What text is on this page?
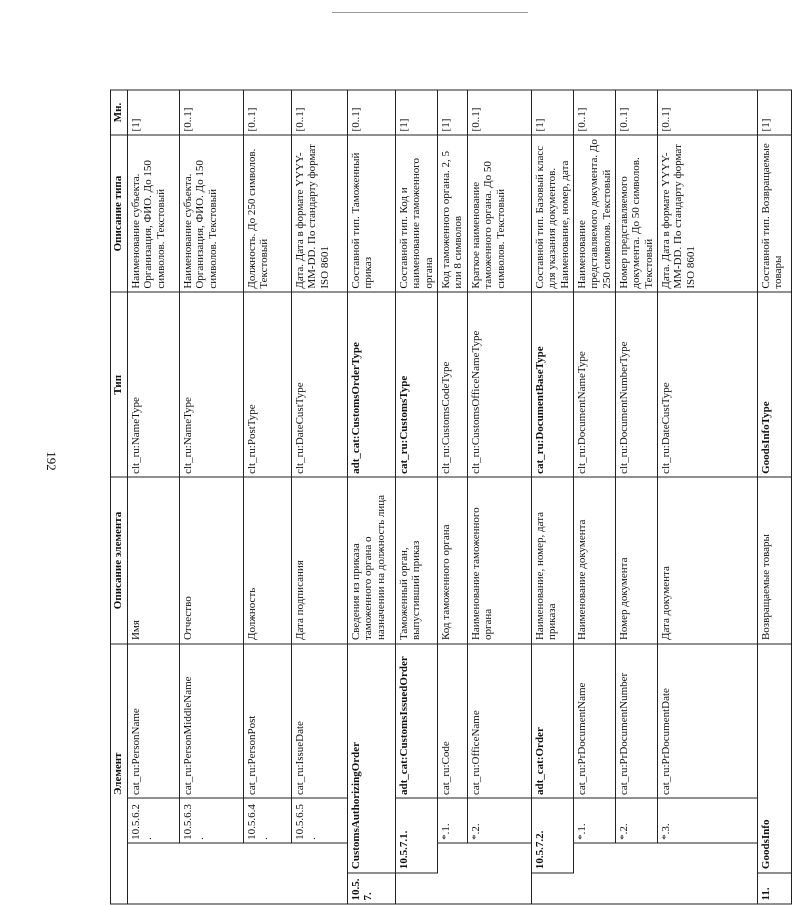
192
Элемент				Описание элемента	Тип	Описание типа	Мн.
		10.5.6.2.	cat_ru:PersonName	Имя	clt_ru:NameType	Наименование субъекта. Организация, ФИО. До 150 символов. Текстовый	[1]
		10.5.6.3.	cat_ru:PersonMiddleName	Отчество	clt_ru:NameType	Наименование субъекта. Организация, ФИО. До 150 символов. Текстовый	[0..1]
		10.5.6.4.	cat_ru:PersonPost	Должность	clt_ru:PostType	Должность. До 250 символов. Текстовый	[0..1]
		10.5.6.5.	cat_ru:IssueDate	Дата подписания	clt_ru:DateCustType	Дата. Дата в формате YYYY-MM-DD. По стандарту формат ISO 8601	[0..1]
10.5.7.	CustomsAuthorizingOrder			Сведения из приказа таможенного органа о назначении на должность лица	adt_cat:CustomsOrderType	Составной тип. Таможенный приказ	[0..1]
	10.5.7.1.		adt_cat:CustomsIssuedOrder	Таможенный орган, выпустивший приказ	cat_ru:CustomsType	Составной тип. Код и наименование таможенного органа	[1]
		*.1.	cat_ru:Code	Код таможенного органа	clt_ru:CustomsCodeType	Код таможенного органа. 2, 5 или 8 символов	[1]
		*.2.	cat_ru:OfficeName	Наименование таможенного органа	clt_ru:CustomsOfficeNameType	Краткое наименование таможенного органа. До 50 символов. Текстовый	[0..1]
	10.5.7.2.		adt_cat:Order	Наименование, номер, дата приказа	cat_ru:DocumentBaseType	Составной тип. Базовый класс для указания документов. Наименование, номер, дата	[1]
		*.1.	cat_ru:PrDocumentName	Наименование документа	clt_ru:DocumentNameType	Наименование представляемого документа. До 250 символов. Текстовый	[0..1]
		*.2.	cat_ru:PrDocumentNumber	Номер документа	clt_ru:DocumentNumberType	Номер представляемого документа. До 50 символов. Текстовый	[0..1]
		*.3.	cat_ru:PrDocumentDate	Дата документа	clt_ru:DateCustType	Дата. Дата в формате YYYY-MM-DD. По стандарту формат ISO 8601	[0..1]
11.	GoodsInfo			Возвращаемые товары	GoodsInfoType	Составной тип. Возвращаемые товары	[1]
